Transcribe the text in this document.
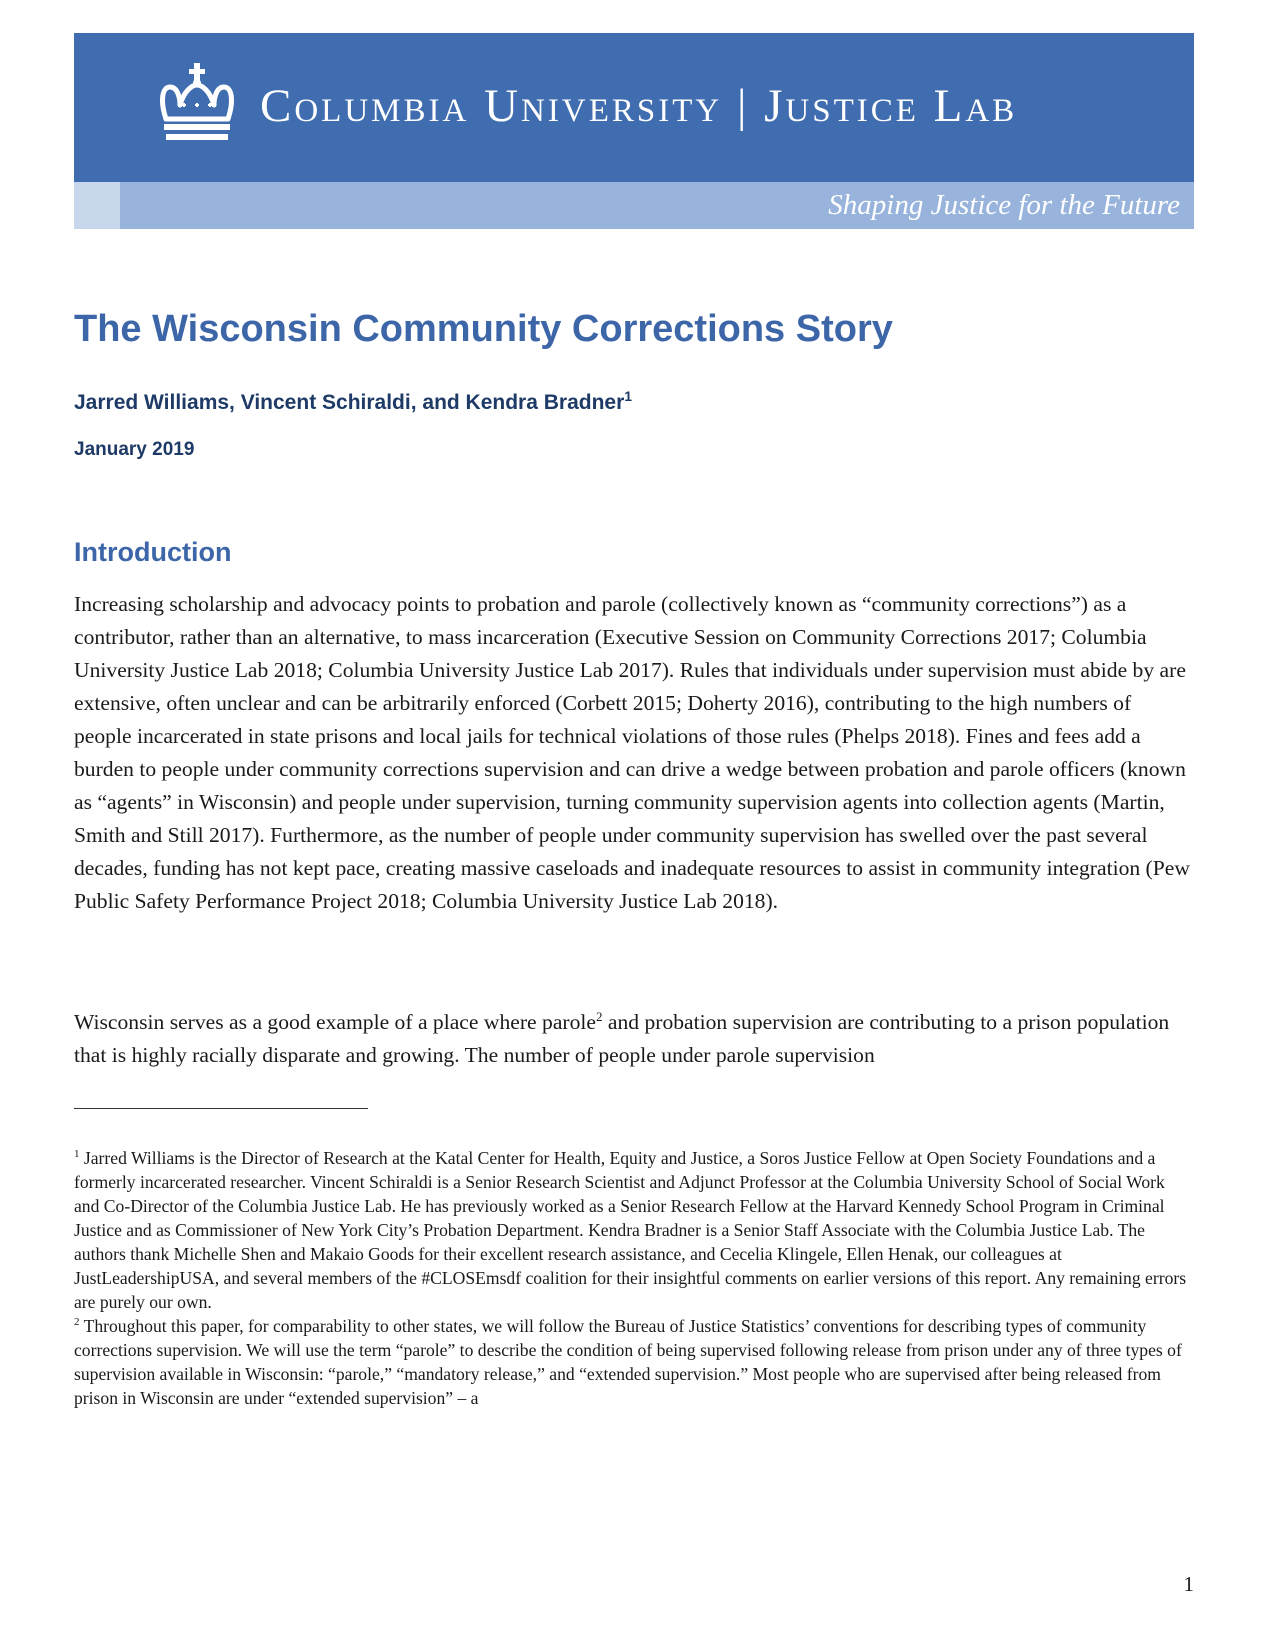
Columbia University | Justice Lab
Shaping Justice for the Future
The Wisconsin Community Corrections Story

Jarred Williams, Vincent Schiraldi, and Kendra Bradner$^1$

January 2019

Introduction

Increasing scholarship and advocacy points to probation and parole (collectively known as “community corrections”) as a contributor, rather than an alternative, to mass incarceration (Executive Session on Community Corrections 2017; Columbia University Justice Lab 2018; Columbia University Justice Lab 2017). Rules that individuals under supervision must abide by are extensive, often unclear and can be arbitrarily enforced (Corbett 2015; Doherty 2016), contributing to the high numbers of people incarcerated in state prisons and local jails for technical violations of those rules (Phelps 2018). Fines and fees add a burden to people under community corrections supervision and can drive a wedge between probation and parole officers (known as “agents” in Wisconsin) and people under supervision, turning community supervision agents into collection agents (Martin, Smith and Still 2017). Furthermore, as the number of people under community supervision has swelled over the past several decades, funding has not kept pace, creating massive caseloads and inadequate resources to assist in community integration (Pew Public Safety Performance Project 2018; Columbia University Justice Lab 2018).

Wisconsin serves as a good example of a place where parole$^2$ and probation supervision are contributing to a prison population that is highly racially disparate and growing. The number of people under parole supervision

$^1$ Jarred Williams is the Director of Research at the Katal Center for Health, Equity and Justice, a Soros Justice Fellow at Open Society Foundations and a formerly incarcerated researcher. Vincent Schiraldi is a Senior Research Scientist and Adjunct Professor at the Columbia University School of Social Work and Co-Director of the Columbia Justice Lab. He has previously worked as a Senior Research Fellow at the Harvard Kennedy School Program in Criminal Justice and as Commissioner of New York City’s Probation Department. Kendra Bradner is a Senior Staff Associate with the Columbia Justice Lab. The authors thank Michelle Shen and Makaio Goods for their excellent research assistance, and Cecelia Klingele, Ellen Henak, our colleagues at JustLeadershipUSA, and several members of the #CLOSEmsdf coalition for their insightful comments on earlier versions of this report. Any remaining errors are purely our own.

$^2$ Throughout this paper, for comparability to other states, we will follow the Bureau of Justice Statistics’ conventions for describing types of community corrections supervision. We will use the term “parole” to describe the condition of being supervised following release from prison under any of three types of supervision available in Wisconsin: “parole,” “mandatory release,” and “extended supervision.” Most people who are supervised after being released from prison in Wisconsin are under “extended supervision” – a

1
